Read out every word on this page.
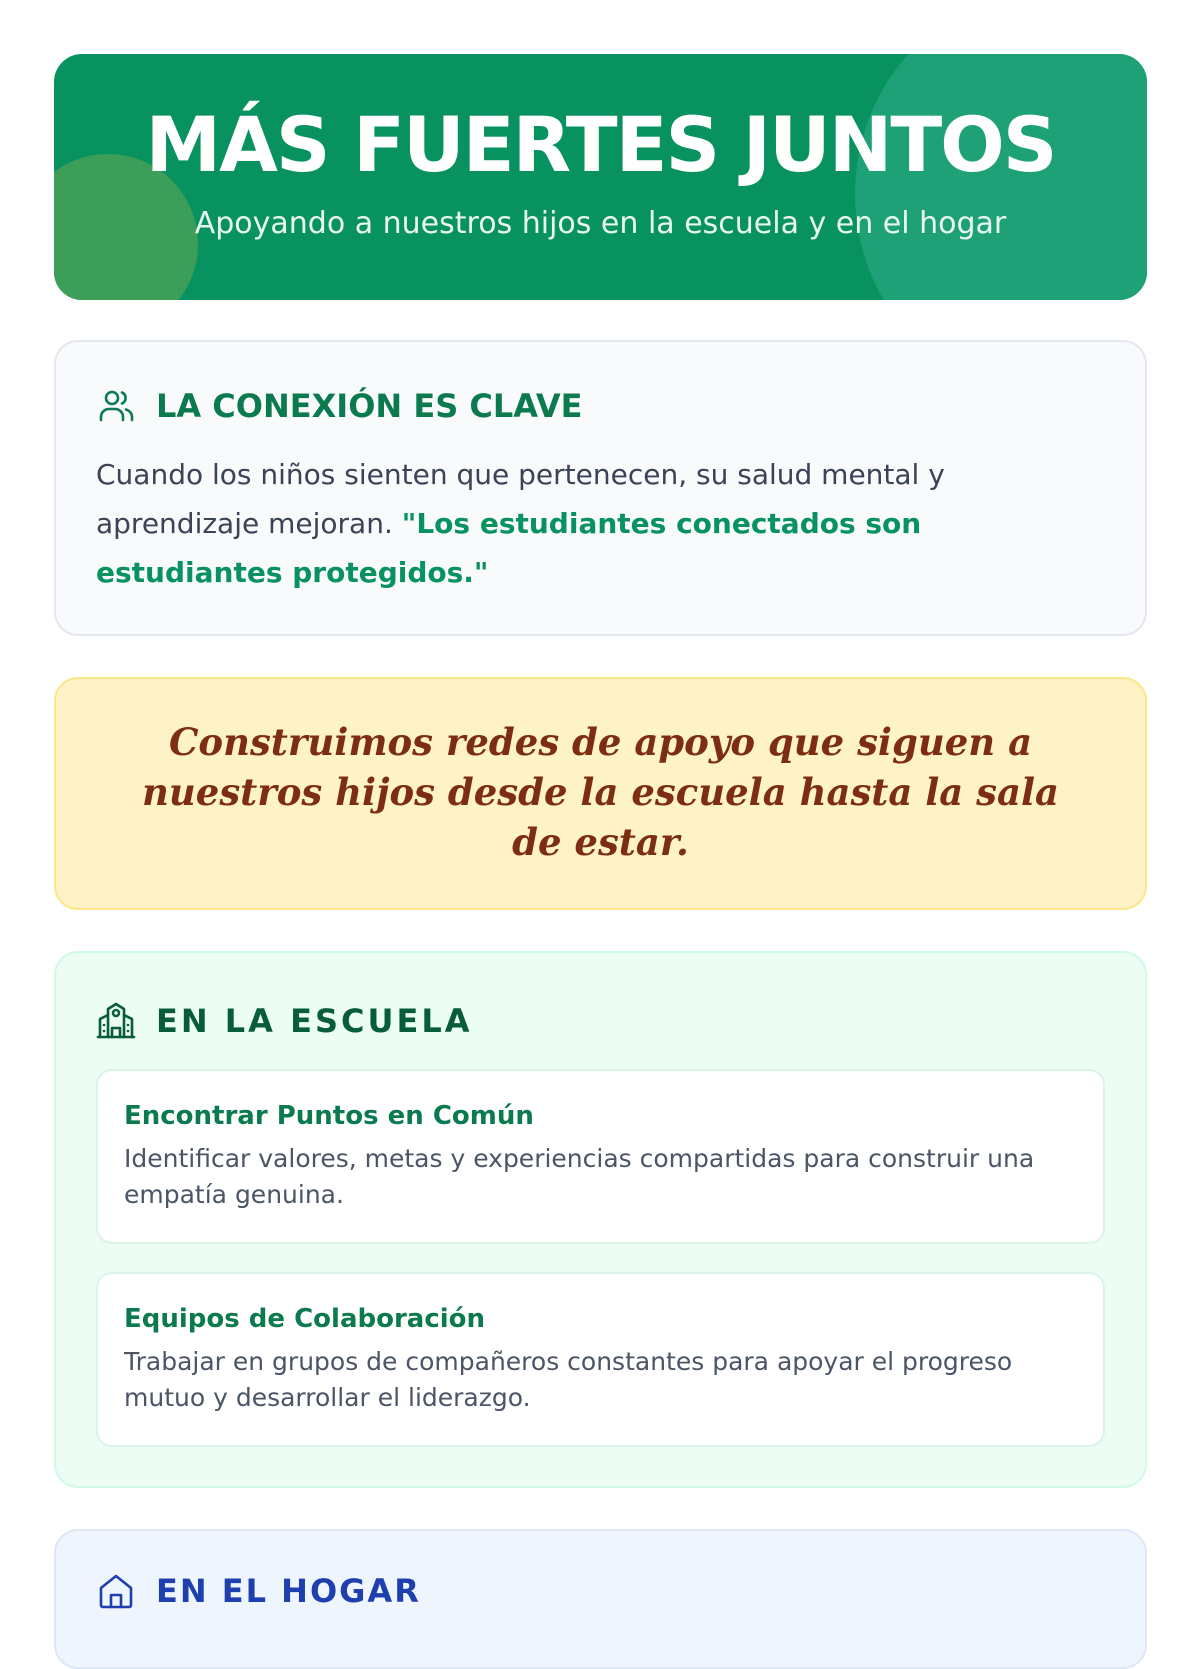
MÁS FUERTES JUNTOS
Apoyando a nuestros hijos en la escuela y en el hogar
LA CONEXIÓN ES CLAVE

Cuando los niños sienten que pertenecen, su salud mental y aprendizaje mejoran. "Los estudiantes conectados son estudiantes protegidos."

Construimos redes de apoyo que siguen a nuestros hijos desde la escuela hasta la sala de estar.

EN LA ESCUELA
Encontrar Puntos en Común

Identificar valores, metas y experiencias compartidas para construir una empatía genuina.

Equipos de Colaboración

Trabajar en grupos de compañeros constantes para apoyar el progreso mutuo y desarrollar el liderazgo.

EN EL HOGAR
